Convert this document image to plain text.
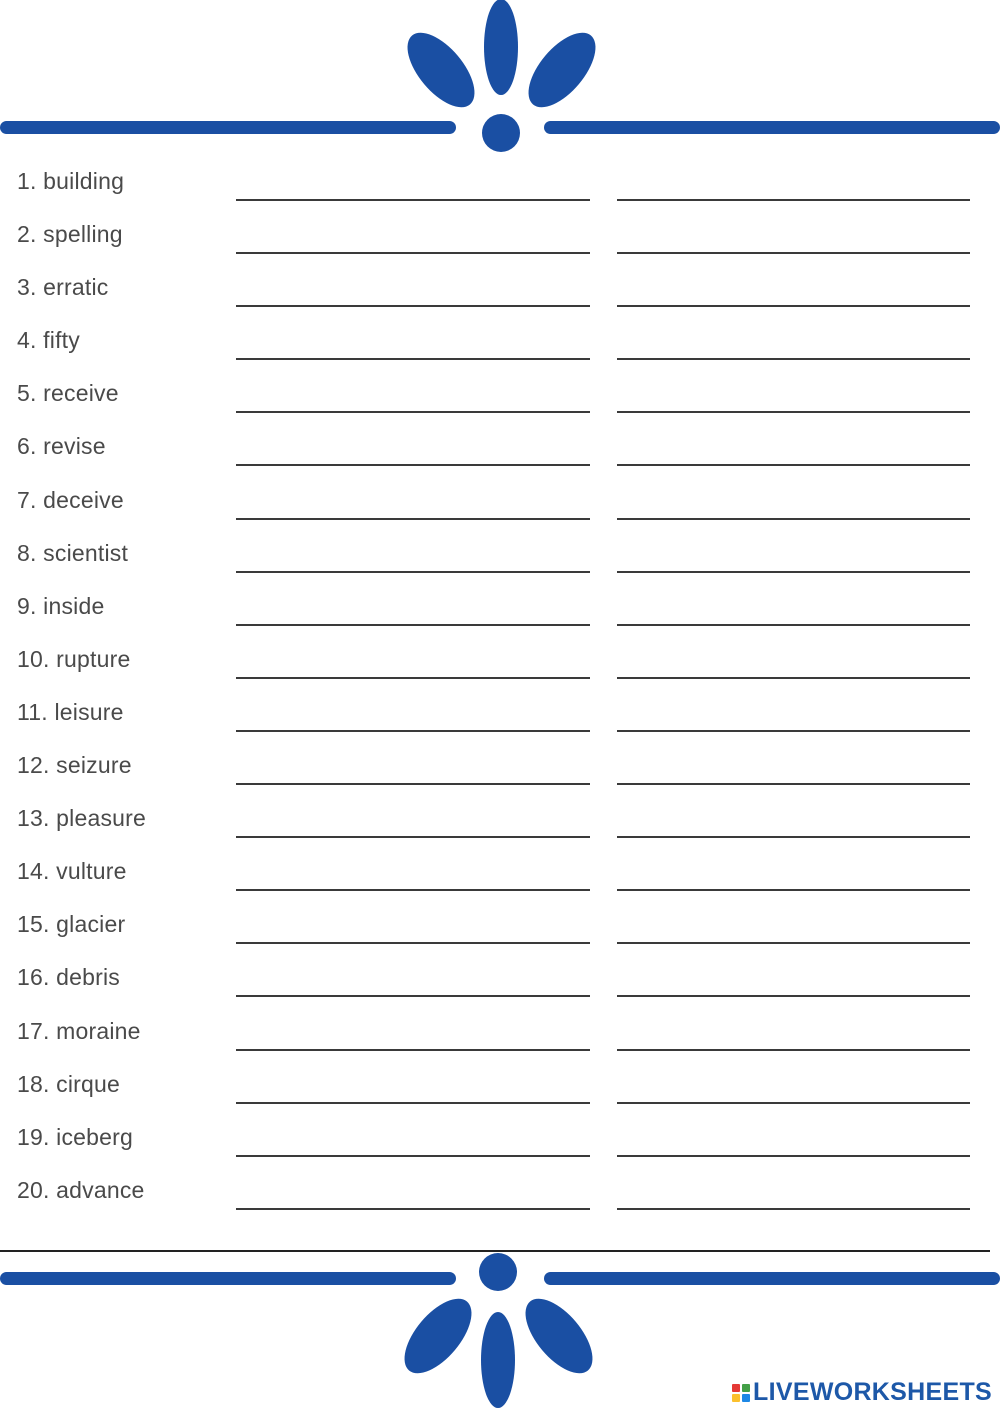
1. building
2. spelling
3. erratic
4. fifty
5. receive
6. revise
7. deceive
8. scientist
9. inside
10. rupture
11. leisure
12. seizure
13. pleasure
14. vulture
15. glacier
16. debris
17. moraine
18. cirque
19. iceberg
20. advance
LIVEWORKSHEETS
